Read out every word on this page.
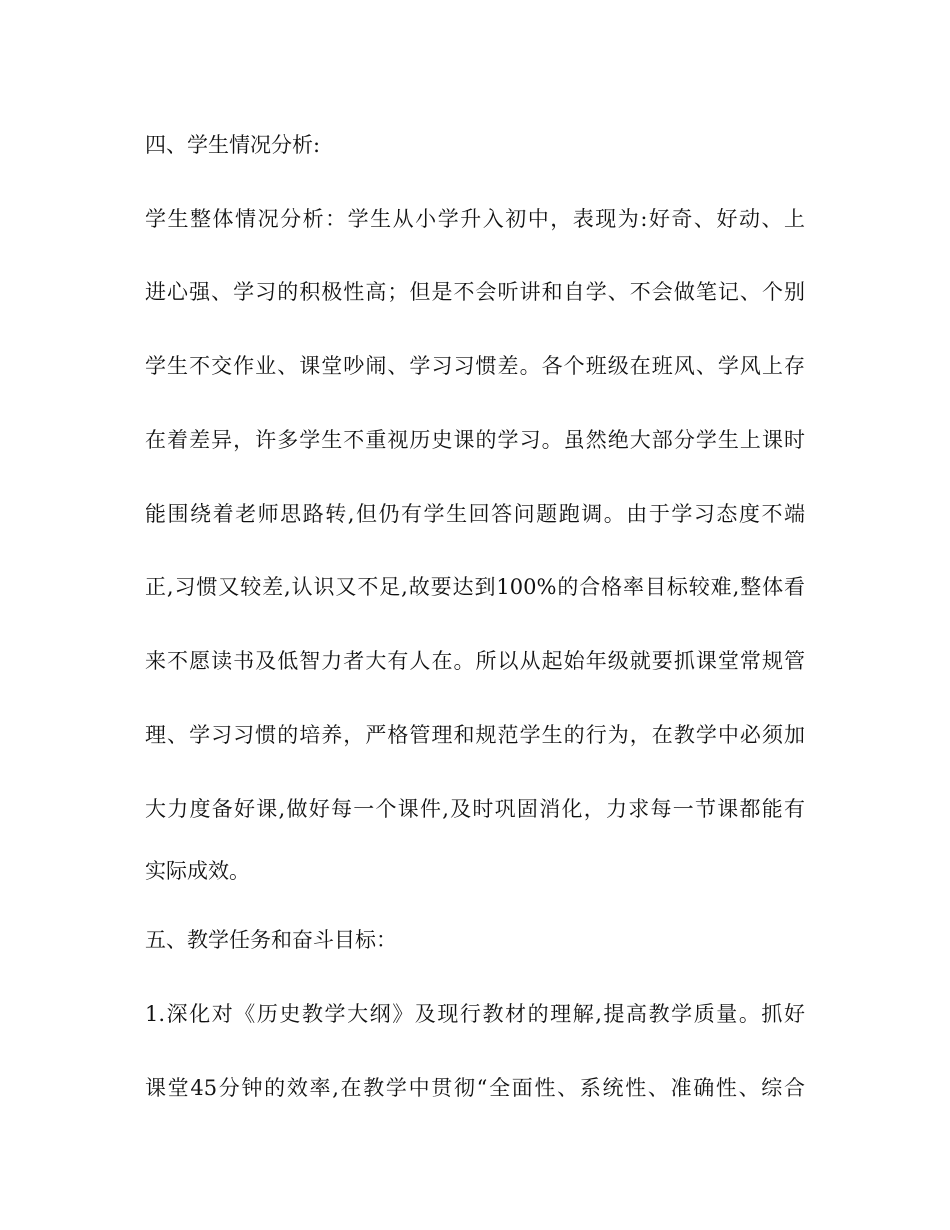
四、学生情况分析:
学生整体情况分析：学生从小学升入初中，表现为:好奇、好动、上
进心强、学习的积极性高；但是不会听讲和自学、不会做笔记、个别
学生不交作业、课堂吵闹、学习习惯差。各个班级在班风、学风上存
在着差异，许多学生不重视历史课的学习。虽然绝大部分学生上课时
能围绕着老师思路转,但仍有学生回答问题跑调。由于学习态度不端
正,习惯又较差,认识又不足,故要达到100%的合格率目标较难,整体看
来不愿读书及低智力者大有人在。所以从起始年级就要抓课堂常规管
理、学习习惯的培养，严格管理和规范学生的行为，在教学中必须加
大力度备好课,做好每一个课件,及时巩固消化，力求每一节课都能有
实际成效。
五、教学任务和奋斗目标：
1.深化对《历史教学大纲》及现行教材的理解,提高教学质量。抓好
课堂45分钟的效率,在教学中贯彻“全面性、系统性、准确性、综合
